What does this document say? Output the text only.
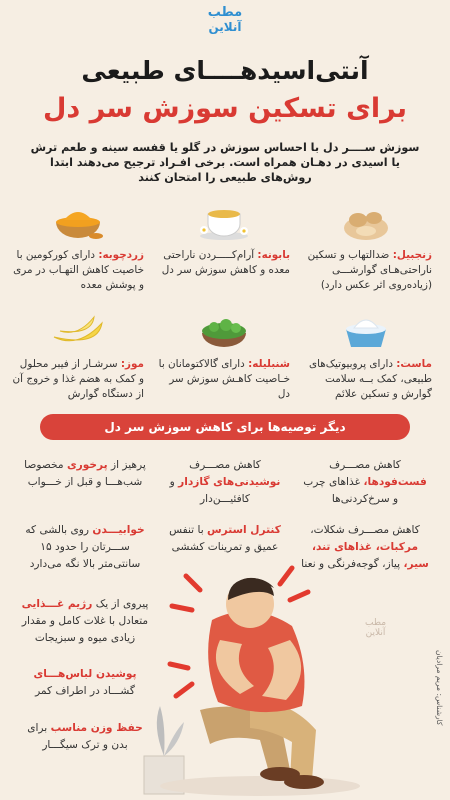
مطب
آنلاین
آنتی‌اسیدهــــای طبیعی
برای تسکین سوزش سر دل
سوزش ســــر دل با احساس سوزش در گلو یا قفسه سینه و طعم ترش یا اسیدی در دهـان همراه است. برخی افـراد ترجیح می‌دهند ابتدا روش‌های طبیعی را امتحان کنند
زنجبیل: ضدالتهاب و تسکین ناراحتی‌هـای گوارشـــی (زیاده‌روی اثر عکس دارد)
بابونه: آرام‌کـــــردن ناراحتی معده و کاهش سوزش سر دل
زردچوبه: دارای کورکومین با خاصیت کاهش التهـاب در مری و پوشش معده
ماست: دارای پروبیوتیک‌های طبیعی، کمک بــه سلامت گوارش و تسکین علائم
شنبلیله: دارای گالاکتومانان با خـاصیت کاهـش سوزش سر دل
موز: سرشـار از فیبر محلول و کمک به هضم غذا و خروج آن از دستگاه گوارش
دیگر توصیه‌ها برای کاهش سوزش سر دل
کاهش مصـــرف فست‌فودها، غذاهای چرب و سرخ‌کردنی‌ها
کاهش مصـــرف نوشیدنی‌های گازدار و کافئیـــن‌دار
پرهیز از پرخوری مخصوصا شب‌هـــا و قبل از خـــواب
کاهش مصـــرف شکلات، مرکبات، غذاهای تند، سیر، پیاز، گوجه‌فرنگی و نعنا
کنترل استرس با تنفس عمیق و تمرینات کششی
خوابیـــدن روی بالشی که ســـرتان را حدود ۱۵ سانتی‌متر بالا نگه می‌دارد
پیروی از یک رژیم غـــذایی متعادل با غلات کامل و مقدار زیادی میوه و سبزیجات
پوشیدن لباس‌هـــای گشـــاد در اطراف کمر
حفظ وزن مناسب برای بدن و ترک سیگـــار
مطب
آنلاین
کارشناس: مریم مرادیان
